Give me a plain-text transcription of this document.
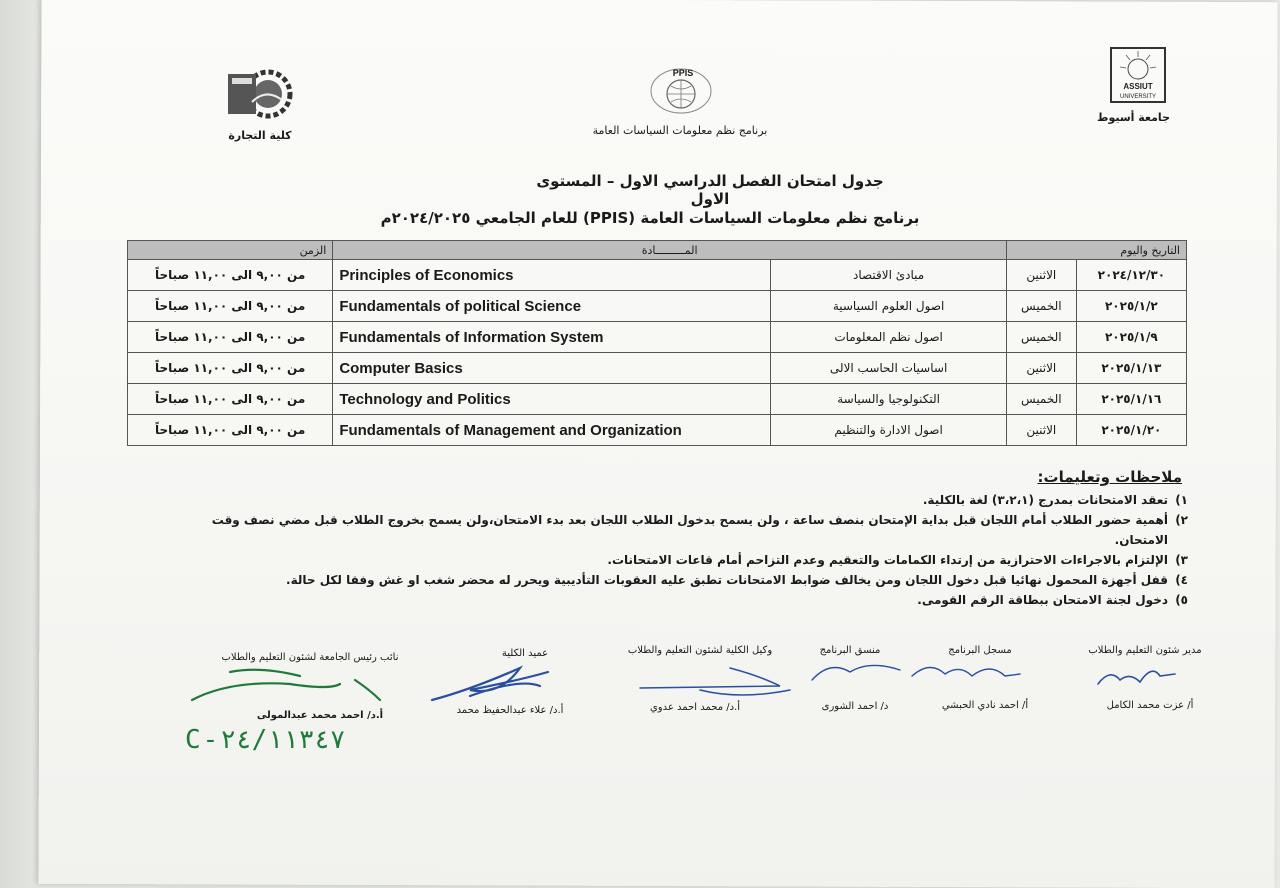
ASSIUT
UNIVERSITY
جامعة أسيوط
PPIS
برنامج نظم معلومات السياسات العامة
كلية التجارة
جدول امتحان الفصل الدراسي الاول – المستوى الاول
برنامج نظم معلومات السياسات العامة (PPIS) للعام الجامعي ٢٠٢٤/٢٠٢٥م
الزمن	المـــــــــادة		التاريخ واليوم	
من ٩,٠٠ الى ١١,٠٠ صباحاً	Principles of Economics	مبادئ الاقتصاد	الاثنين	٢٠٢٤/١٢/٣٠
من ٩,٠٠ الى ١١,٠٠ صباحاً	Fundamentals of political Science	اصول العلوم السياسية	الخميس	٢٠٢٥/١/٢
من ٩,٠٠ الى ١١,٠٠ صباحاً	Fundamentals of Information System	اصول نظم المعلومات	الخميس	٢٠٢٥/١/٩
من ٩,٠٠ الى ١١,٠٠ صباحاً	Computer Basics	اساسيات الحاسب الالى	الاثنين	٢٠٢٥/١/١٣
من ٩,٠٠ الى ١١,٠٠ صباحاً	Technology and Politics	التكنولوجيا والسياسة	الخميس	٢٠٢٥/١/١٦
من ٩,٠٠ الى ١١,٠٠ صباحاً	Fundamentals of Management and Organization	اصول الادارة والتنظيم	الاثنين	٢٠٢٥/١/٢٠
ملاحظات وتعليمات:
١)
تعقد الامتحانات بمدرج (٣،٢،١) لغة بالكلية.
٢)
أهمية حضور الطلاب أمام اللجان قبل بداية الإمتحان بنصف ساعة ، ولن يسمح بدخول الطلاب اللجان بعد بدء الامتحان،ولن يسمح بخروج الطلاب قبل مضي نصف وقت الامتحان.
٣)
الإلتزام بالاجراءات الاحترازية من إرتداء الكمامات والتعقيم وعدم التزاحم أمام قاعات الامتحانات.
٤)
قفل أجهزة المحمول نهائيا قبل دخول اللجان ومن يخالف ضوابط الامتحانات تطبق عليه العقوبات التأديبية ويحرر له محضر شغب او غش وفقا لكل حالة.
٥)
دخول لجنة الامتحان ببطاقة الرقم القومى.
مدير شئون التعليم والطلاب
مسجل البرنامج
منسق البرنامج
وكيل الكلية لشئون التعليم والطلاب
عميد الكلية
نائب رئيس الجامعة لشئون التعليم والطلاب
أ/ عزت محمد الكامل
أ/ احمد نادي الحبشي
د/ احمد الشورى
أ.د/ محمد احمد عدوي
أ.د/ علاء عبدالحفيظ محمد
أ.د/ احمد محمد عبدالمولى
C-٢٤/١١٣٤٧
